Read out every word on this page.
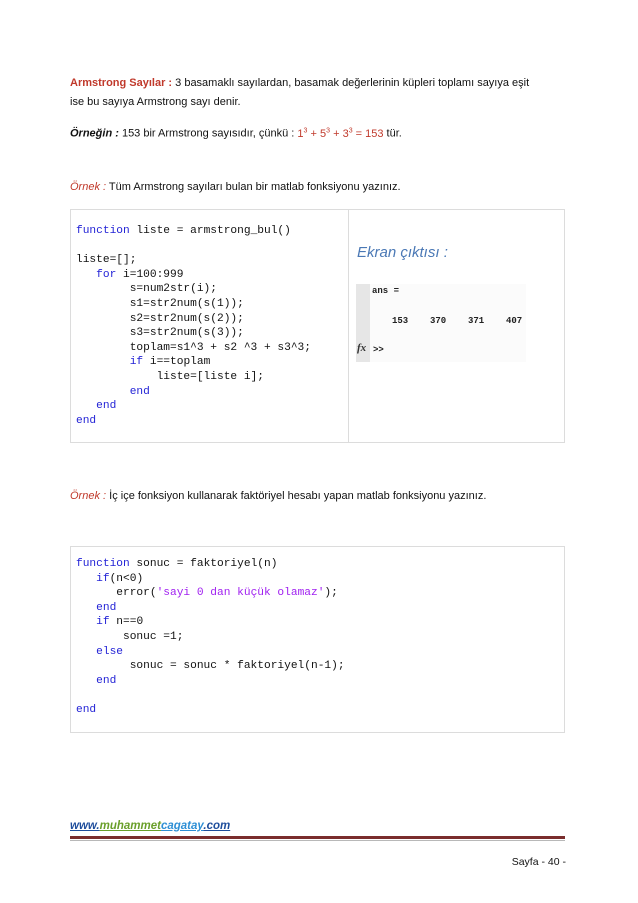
Armstrong Sayılar : 3 basamaklı sayılardan, basamak değerlerinin küpleri toplamı sayıya eşit
ise bu sayıya Armstrong sayı denir.
Örneğin : 153 bir Armstrong sayısıdır, çünkü : $1^3 + 5^3 + 3^3 = 153$ tür.
Örnek : Tüm Armstrong sayıları bulan bir matlab fonksiyonu yazınız.
function liste = armstrong_bul()

liste=[];
for i=100:999
s=num2str(i);
s1=str2num(s(1));
s2=str2num(s(2));
s3=str2num(s(3));
toplam=s1^3 + s2 ^3 + s3^3;
if i==toplam
liste=[liste i];
end
end
end
Ekran çıktısı :
ans =
153 370 371 407
fx >>
Örnek : İç içe fonksiyon kullanarak faktöriyel hesabı yapan matlab fonksiyonu yazınız.
function sonuc = faktoriyel(n)
if(n<0)
error('sayi 0 dan küçük olamaz');
end
if n==0
sonuc =1;
else
sonuc = sonuc * faktoriyel(n-1);
end

end
www.muhammetcagatay.com
Sayfa - 40 -
